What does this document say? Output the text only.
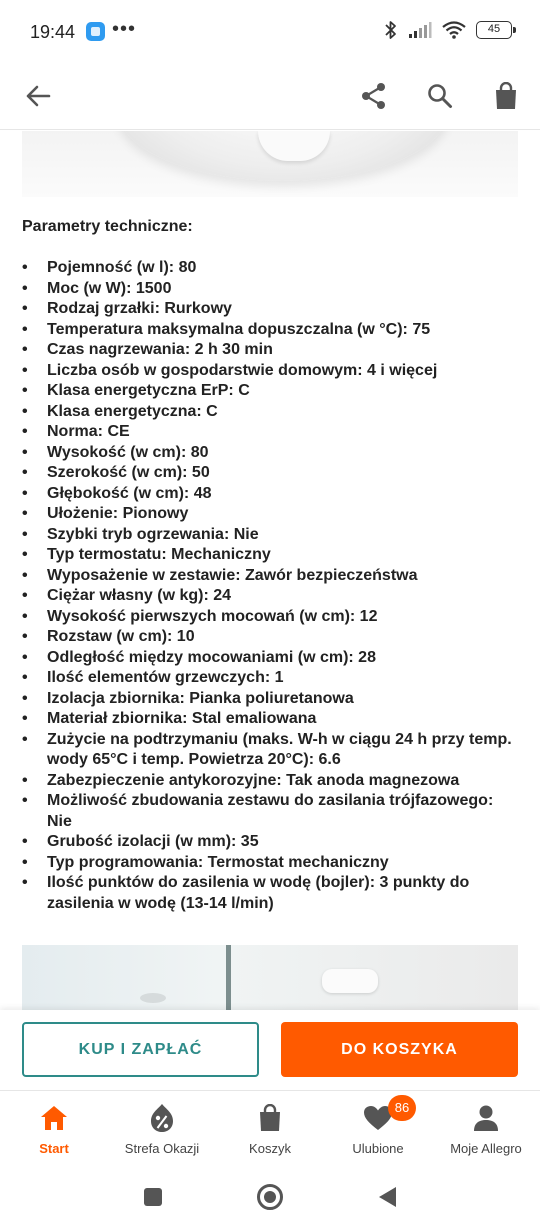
19:44 •••	45
Parametry techniczne:
•	Pojemność (w l): 80
•	Moc (w W): 1500
•	Rodzaj grzałki: Rurkowy
•	Temperatura maksymalna dopuszczalna (w °C): 75
•	Czas nagrzewania: 2 h 30 min
•	Liczba osób w gospodarstwie domowym: 4 i więcej
•	Klasa energetyczna ErP: C
•	Klasa energetyczna: C
•	Norma: CE
•	Wysokość (w cm): 80
•	Szerokość (w cm): 50
•	Głębokość (w cm): 48
•	Ułożenie: Pionowy
•	Szybki tryb ogrzewania: Nie
•	Typ termostatu: Mechaniczny
•	Wyposażenie w zestawie: Zawór bezpieczeństwa
•	Ciężar własny (w kg): 24
•	Wysokość pierwszych mocowań (w cm): 12
•	Rozstaw (w cm): 10
•	Odległość między mocowaniami (w cm): 28
•	Ilość elementów grzewczych: 1
•	Izolacja zbiornika: Pianka poliuretanowa
•	Materiał zbiornika: Stal emaliowana
•	Zużycie na podtrzymaniu (maks. W-h w ciągu 24 h przy temp. wody 65°C i temp. Powietrza 20°C): 6.6
•	Zabezpieczenie antykorozyjne: Tak anoda magnezowa
•	Możliwość zbudowania zestawu do zasilania trójfazowego: Nie
•	Grubość izolacji (w mm): 35
•	Typ programowania: Termostat mechaniczny
•	Ilość punktów do zasilenia w wodę (bojler): 3 punkty do zasilenia w wodę (13-14 l/min)
KUP I ZAPŁAĆ	DO KOSZYKA
Start	Strefa Okazji	Koszyk
86
Ulubione	Moje Allegro
